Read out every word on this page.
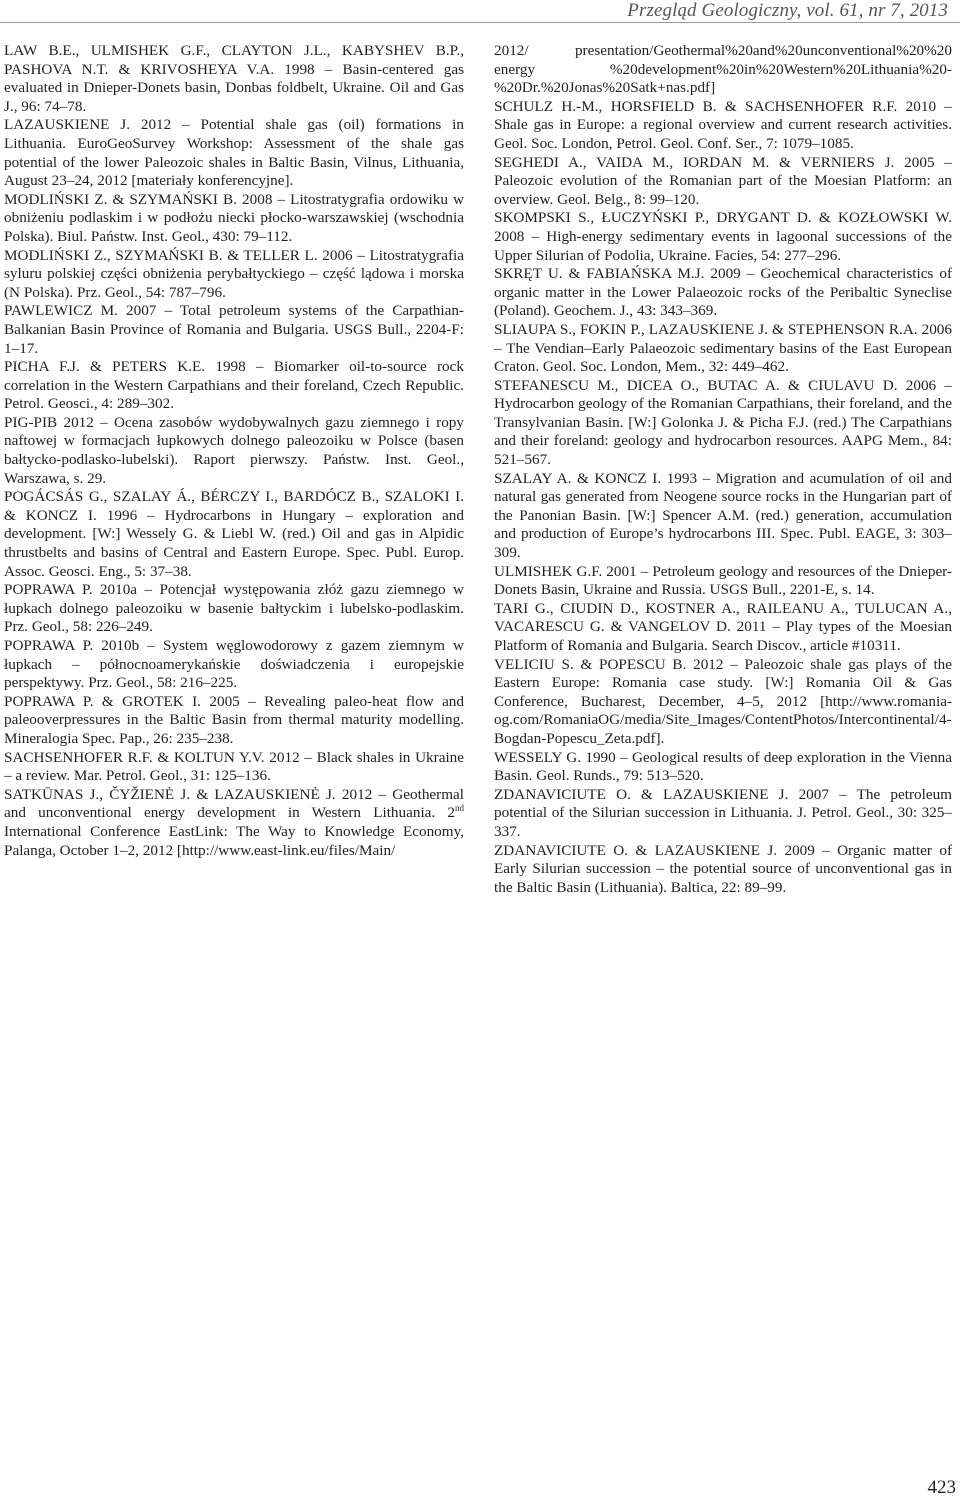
Przegląd Geologiczny, vol. 61, nr 7, 2013

LAW B.E., ULMISHEK G.F., CLAYTON J.L., KABYSHEV B.P., PASHOVA N.T. & KRIVOSHEYA V.A. 1998 – Basin-centered gas evaluated in Dnieper-Donets basin, Donbas foldbelt, Ukraine. Oil and Gas J., 96: 74–78.

LAZAUSKIENE J. 2012 – Potential shale gas (oil) formations in Lithuania. EuroGeoSurvey Workshop: Assessment of the shale gas potential of the lower Paleozoic shales in Baltic Basin, Vilnus, Lithuania, August 23–24, 2012 [materiały konferencyjne].

MODLIŃSKI Z. & SZYMAŃSKI B. 2008 – Litostratygrafia ordowiku w obniżeniu podlaskim i w podłożu niecki płocko-warszawskiej (wschodnia Polska). Biul. Państw. Inst. Geol., 430: 79–112.

MODLIŃSKI Z., SZYMAŃSKI B. & TELLER L. 2006 – Litostratygrafia syluru polskiej części obniżenia perybałtyckiego – część lądowa i morska (N Polska). Prz. Geol., 54: 787–796.

PAWLEWICZ M. 2007 – Total petroleum systems of the Carpathian-Balkanian Basin Province of Romania and Bulgaria. USGS Bull., 2204-F: 1–17.

PICHA F.J. & PETERS K.E. 1998 – Biomarker oil-to-source rock correlation in the Western Carpathians and their foreland, Czech Republic. Petrol. Geosci., 4: 289–302.

PIG-PIB 2012 – Ocena zasobów wydobywalnych gazu ziemnego i ropy naftowej w formacjach łupkowych dolnego paleozoiku w Polsce (basen bałtycko-podlasko-lubelski). Raport pierwszy. Państw. Inst. Geol., Warszawa, s. 29.

POGÁCSÁS G., SZALAY Á., BÉRCZY I., BARDÓCZ B., SZALOKI I. & KONCZ I. 1996 – Hydrocarbons in Hungary – exploration and development. [W:] Wessely G. & Liebl W. (red.) Oil and gas in Alpidic thrustbelts and basins of Central and Eastern Europe. Spec. Publ. Europ. Assoc. Geosci. Eng., 5: 37–38.

POPRAWA P. 2010a – Potencjał występowania złóż gazu ziemnego w łupkach dolnego paleozoiku w basenie bałtyckim i lubelsko-podlaskim. Prz. Geol., 58: 226–249.

POPRAWA P. 2010b – System węglowodorowy z gazem ziemnym w łupkach – północnoamerykańskie doświadczenia i europejskie perspektywy. Prz. Geol., 58: 216–225.

POPRAWA P. & GROTEK I. 2005 – Revealing paleo-heat flow and paleooverpressures in the Baltic Basin from thermal maturity modelling. Mineralogia Spec. Pap., 26: 235–238.

SACHSENHOFER R.F. & KOLTUN Y.V. 2012 – Black shales in Ukraine – a review. Mar. Petrol. Geol., 31: 125–136.

SATKŪNAS J., ČYŽIENĖ J. & LAZAUSKIENĖ J. 2012 – Geothermal and unconventional energy development in Western Lithuania. 2nd International Conference EastLink: The Way to Knowledge Economy, Palanga, October 1–2, 2012 [http://www.east-link.eu/files/Main/

2012/ presentation/Geothermal%20and%20unconventional%20%20 energy %20development%20in%20Western%20Lithuania%20-%20Dr.%20Jonas%20Satk+nas.pdf]

SCHULZ H.-M., HORSFIELD B. & SACHSENHOFER R.F. 2010 – Shale gas in Europe: a regional overview and current research activities. Geol. Soc. London, Petrol. Geol. Conf. Ser., 7: 1079–1085.

SEGHEDI A., VAIDA M., IORDAN M. & VERNIERS J. 2005 – Paleozoic evolution of the Romanian part of the Moesian Platform: an overview. Geol. Belg., 8: 99–120.

SKOMPSKI S., ŁUCZYŃSKI P., DRYGANT D. & KOZŁOWSKI W. 2008 – High-energy sedimentary events in lagoonal successions of the Upper Silurian of Podolia, Ukraine. Facies, 54: 277–296.

SKRĘT U. & FABIAŃSKA M.J. 2009 – Geochemical characteristics of organic matter in the Lower Palaeozoic rocks of the Peribaltic Syneclise (Poland). Geochem. J., 43: 343–369.

SLIAUPA S., FOKIN P., LAZAUSKIENE J. & STEPHENSON R.A. 2006 – The Vendian–Early Palaeozoic sedimentary basins of the East European Craton. Geol. Soc. London, Mem., 32: 449–462.

STEFANESCU M., DICEA O., BUTAC A. & CIULAVU D. 2006 – Hydrocarbon geology of the Romanian Carpathians, their foreland, and the Transylvanian Basin. [W:] Golonka J. & Picha F.J. (red.) The Carpathians and their foreland: geology and hydrocarbon resources. AAPG Mem., 84: 521–567.

SZALAY A. & KONCZ I. 1993 – Migration and acumulation of oil and natural gas generated from Neogene source rocks in the Hungarian part of the Panonian Basin. [W:] Spencer A.M. (red.) generation, accumulation and production of Europe’s hydrocarbons III. Spec. Publ. EAGE, 3: 303–309.

ULMISHEK G.F. 2001 – Petroleum geology and resources of the Dnieper-Donets Basin, Ukraine and Russia. USGS Bull., 2201-E, s. 14.

TARI G., CIUDIN D., KOSTNER A., RAILEANU A., TULUCAN A., VACARESCU G. & VANGELOV D. 2011 – Play types of the Moesian Platform of Romania and Bulgaria. Search Discov., article #10311.

VELICIU S. & POPESCU B. 2012 – Paleozoic shale gas plays of the Eastern Europe: Romania case study. [W:] Romania Oil & Gas Conference, Bucharest, December, 4–5, 2012 [http://www.romania-og.com/RomaniaOG/media/Site_Images/ContentPhotos/Intercontinental/4-Bogdan-Popescu_Zeta.pdf].

WESSELY G. 1990 – Geological results of deep exploration in the Vienna Basin. Geol. Runds., 79: 513–520.

ZDANAVICIUTE O. & LAZAUSKIENE J. 2007 – The petroleum potential of the Silurian succession in Lithuania. J. Petrol. Geol., 30: 325–337.

ZDANAVICIUTE O. & LAZAUSKIENE J. 2009 – Organic matter of Early Silurian succession – the potential source of unconventional gas in the Baltic Basin (Lithuania). Baltica, 22: 89–99.

423
